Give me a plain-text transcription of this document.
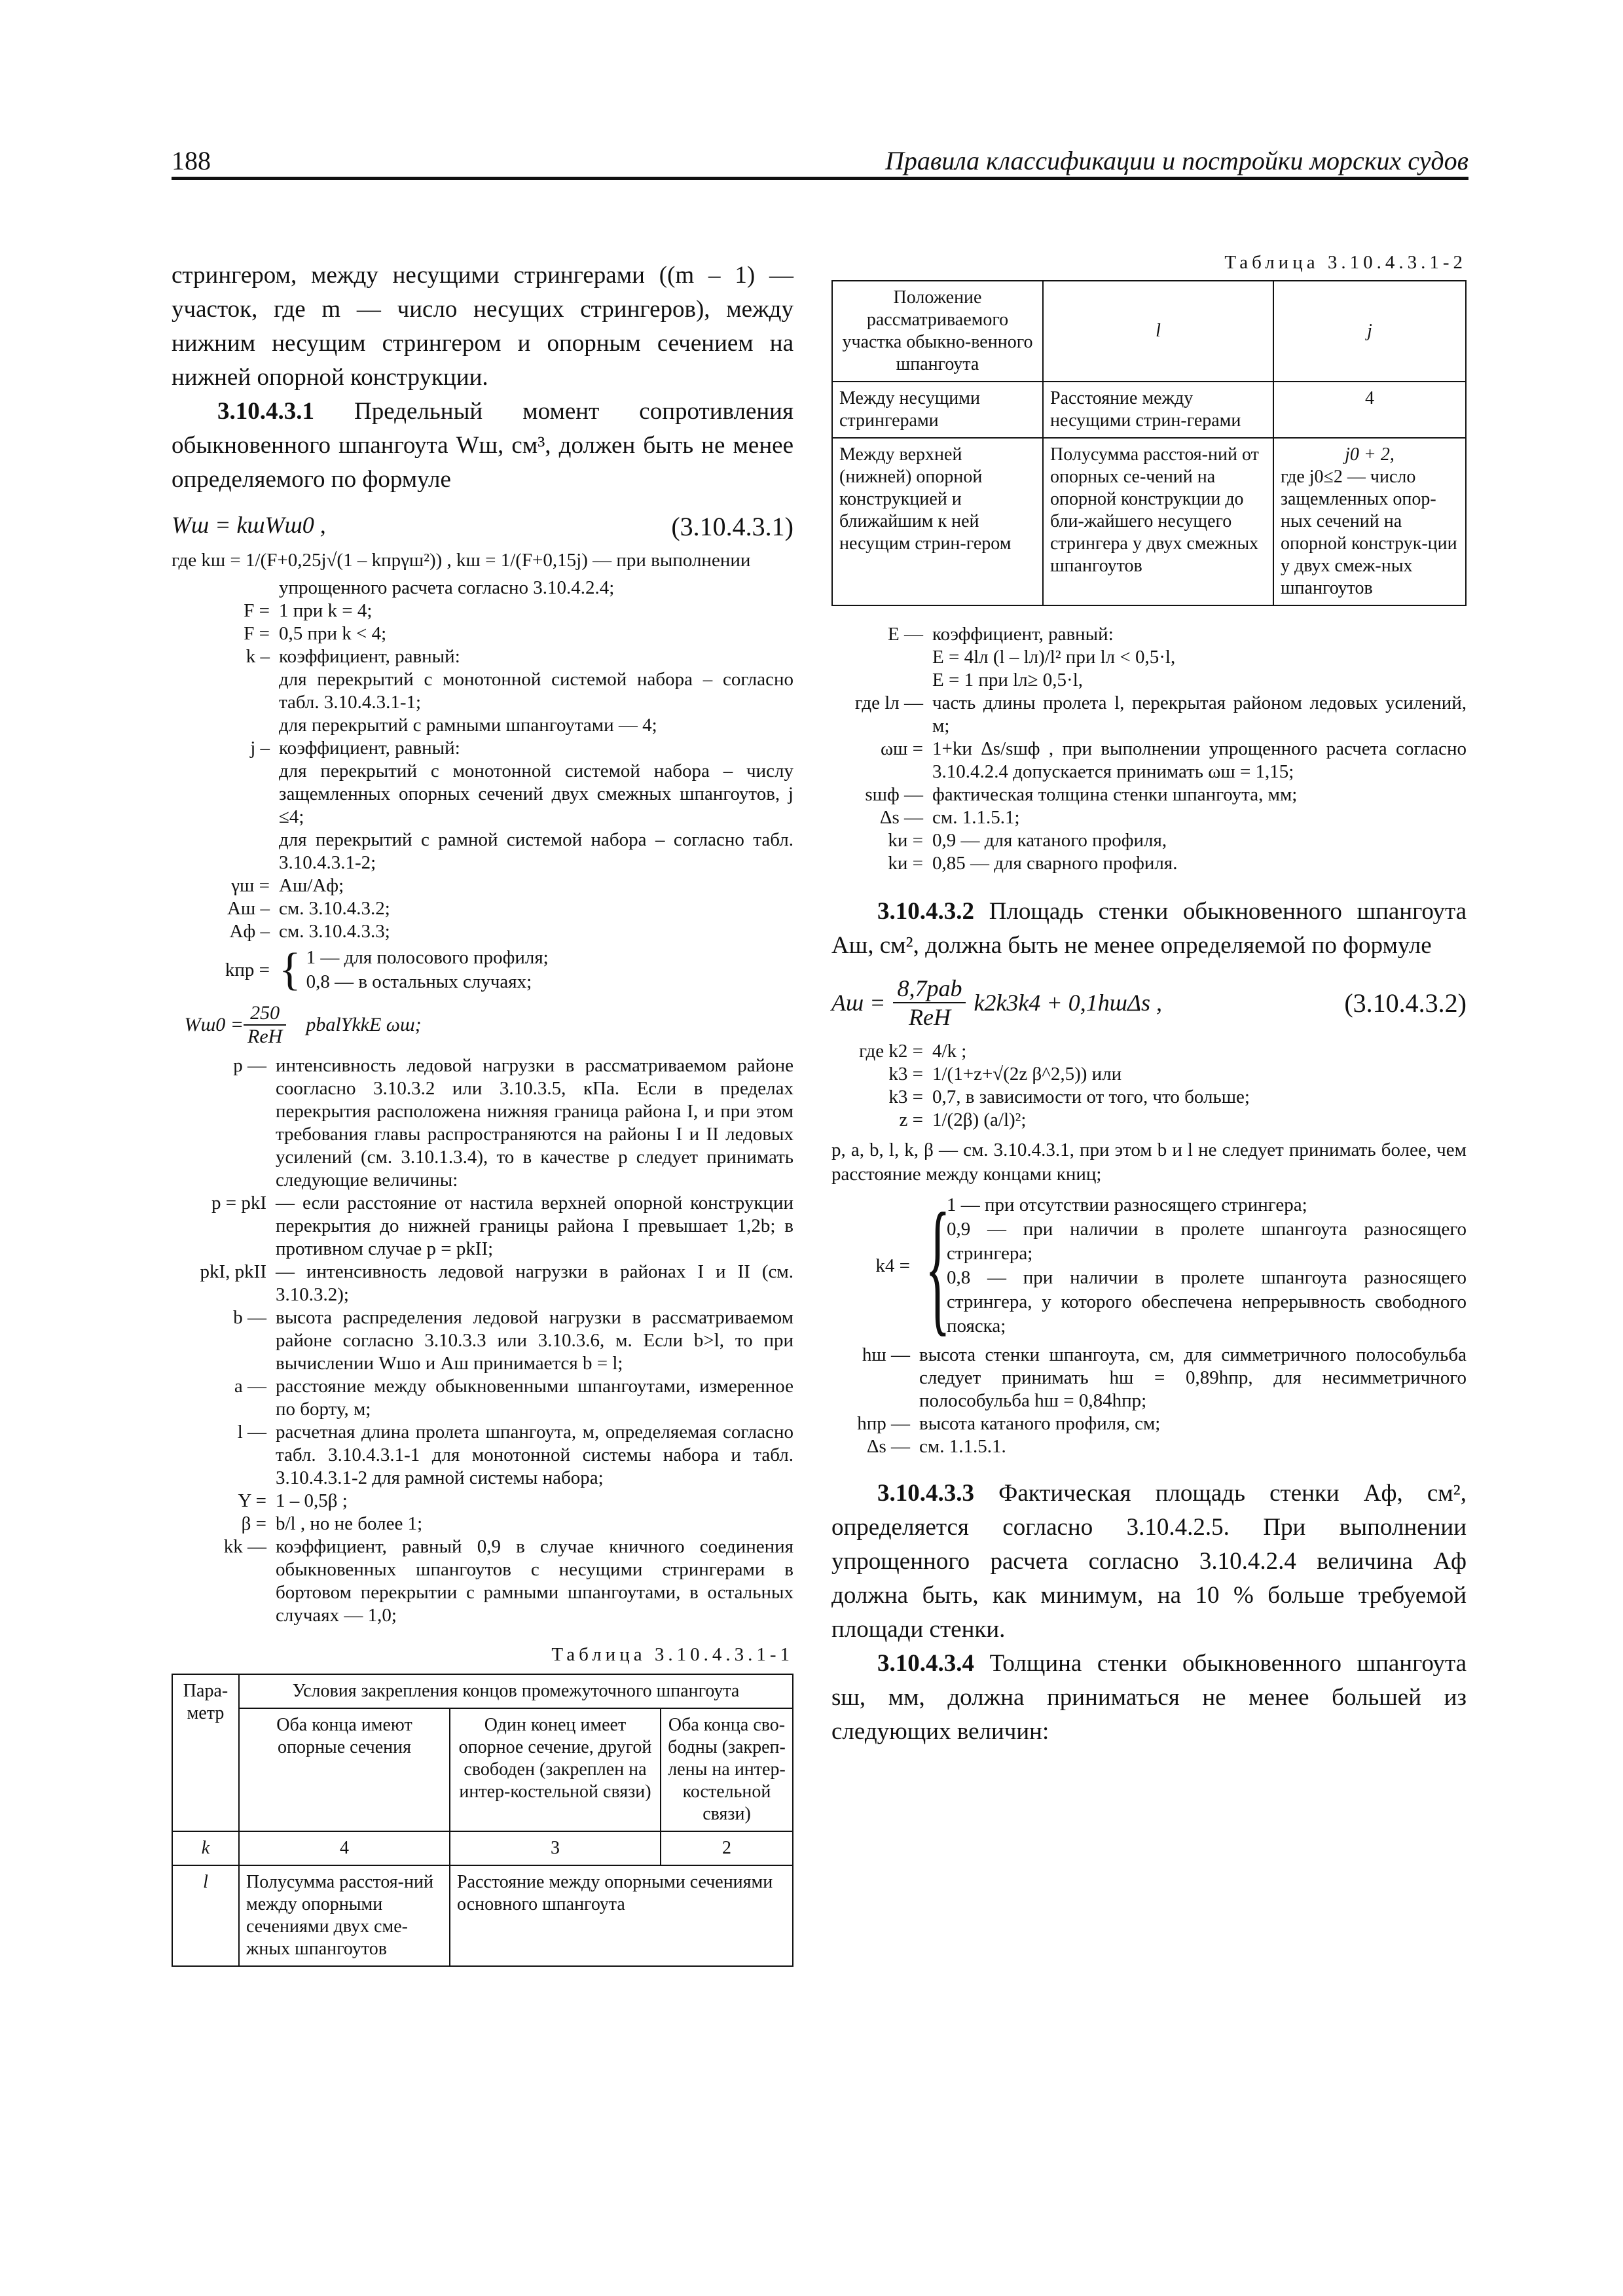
188	Правила классификации и постройки морских судов

стрингером, между несущими стрингерами ((m – 1) — участок, где m — число несущих стрингеров), между нижним несущим стрингером и опорным сечением на нижней опорной конструкции.

3.10.4.3.1 Предельный момент сопротивления обыкновенного шпангоута Wш, см³, должен быть не менее определяемого по формуле

Wш = kшWш0 ,	(3.10.4.3.1)

где kш = 1/(F+0,25j√(1 – kпрγш²)) , kш = 1/(F+0,15j) — при выполнении

упрощенного расчета согласно 3.10.4.2.4;
F = 1 при k = 4;
F = 0,5 при k < 4;
k – коэффициент, равный:
для перекрытий с монотонной системой набора – согласно табл. 3.10.4.3.1-1;
для перекрытий с рамными шпангоутами — 4;
j – коэффициент, равный:
для перекрытий с монотонной системой набора – числу защемленных опорных сечений двух смежных шпангоутов, j ≤4;
для перекрытий с рамной системой набора – согласно табл. 3.10.4.3.1-2;
γш = Aш/Aф;
Aш – см. 3.10.4.3.2;
Aф – см. 3.10.4.3.3;
kпр = { 1 — для полосового профиля;
0,8 — в остальных случаях;
$Wш0 = \frac{250}{\text{ReH}}$ pbalYkkE ωш;
p — интенсивность ледовой нагрузки в рассматриваемом районе соогласно 3.10.3.2 или 3.10.3.5, кПа. Если в пределах перекрытия расположена нижняя граница района I, и при этом требования главы распространяются на районы I и II ледовых усилений (см. 3.10.1.3.4), то в качестве p следует принимать следующие величины:
p = pkI — если расстояние от настила верхней опорной конструкции перекрытия до нижней границы района I превышает 1,2b; в противном случае p = pkII;
pkI, pkII — интенсивность ледовой нагрузки в районах I и II (см. 3.10.3.2);
b — высота распределения ледовой нагрузки в рассматриваемом районе согласно 3.10.3.3 или 3.10.3.6, м. Если b>l, то при вычислении Wшо и Aш принимается b = l;
a — расстояние между обыкновенными шпангоутами, измеренное по борту, м;
l — расчетная длина пролета шпангоута, м, определяемая согласно табл. 3.10.4.3.1-1 для монотонной системы набора и табл. 3.10.4.3.1-2 для рамной системы набора;
Y = 1 – 0,5β ;
β = b/l , но не более 1;
kk — коэффициент, равный 0,9 в случае кничного соединения обыкновенных шпангоутов с несущими стрингерами в бортовом перекрытии с рамными шпангоутами, в остальных случаях — 1,0;
Таблица 3.10.4.3.1-1
Пара-метр	Условия закрепления концов промежуточного шпангоута		
	Оба конца имеют опорные сечения	Один конец имеет опорное сечение, другой свободен (закреплен на интер-костельной связи)	Оба конца сво-бодны (закреп-лены на интер-костельной связи)
k	4	3	2
l	Полусумма расстоя-ний между опорными сечениями двух сме-жных шпангоутов	Расстояние между опорными сечениями основного шпангоута	
Таблица 3.10.4.3.1-2
Положение рассматриваемого участка обыкно-венного шпангоута	l	j
Между несущими стрингерами	Расстояние между несущими стрин-герами	4
Между верхней (нижней) опорной конструкцией и ближайшим к ней несущим стрин-гером	Полусумма расстоя-ний от опорных се-чений на опорной конструкции до бли-жайшего несущего стрингера у двух смежных шпангоутов	j0 + 2,
где j0≤2 — число защемленных опор-ных сечений на опорной конструк-ции у двух смеж-ных шпангоутов
E — коэффициент, равный:
E = 4lл (l – lл)/l² при lл < 0,5·l,
E = 1 при lл≥ 0,5·l,
где lл — часть длины пролета l, перекрытая районом ледовых усилений, м;
ωш = 1+kи Δs/sшф , при выполнении упрощенного расчета согласно 3.10.4.2.4 допускается принимать ωш = 1,15;
sшф — фактическая толщина стенки шпангоута, мм;
Δs — см. 1.1.5.1;
kи = 0,9 — для катаного профиля,
kи = 0,85 — для сварного профиля.

3.10.4.3.2 Площадь стенки обыкновенного шпангоута Aш, см², должна быть не менее определяемой по формуле

Aш = $\frac{\text{8,7pab}}{\text{ReH}} k2k3k4 + 0,1hш\Delta s$ ,	(3.10.4.3.2)
где k2 = 4/k ;
k3 = 1/(1+z+√(2z β^2,5)) или
k3 = 0,7, в зависимости от того, что больше;
z = 1/(2β) (a/l)²;

p, a, b, l, k, β — см. 3.10.4.3.1, при этом b и l не следует принимать более, чем расстояние между концами книц;

k4 = {
1 — при отсутствии разносящего стрингера;
0,9 — при наличии в пролете шпангоута разносящего стрингера;
0,8 — при наличии в пролете шпангоута разносящего стрингера, у которого обеспечена непрерывность свободного пояска;
hш — высота стенки шпангоута, см, для симметричного полособульба следует принимать hш = 0,89hпр, для несимметричного полособульба hш = 0,84hпр;
hпр — высота катаного профиля, см;
Δs — см. 1.1.5.1.

3.10.4.3.3 Фактическая площадь стенки Aф, см², определяется согласно 3.10.4.2.5. При выполнении упрощенного расчета согласно 3.10.4.2.4 величина Aф должна быть, как минимум, на 10 % больше требуемой площади стенки.

3.10.4.3.4 Толщина стенки обыкновенного шпангоута sш, мм, должна приниматься не менее большей из следующих величин:
